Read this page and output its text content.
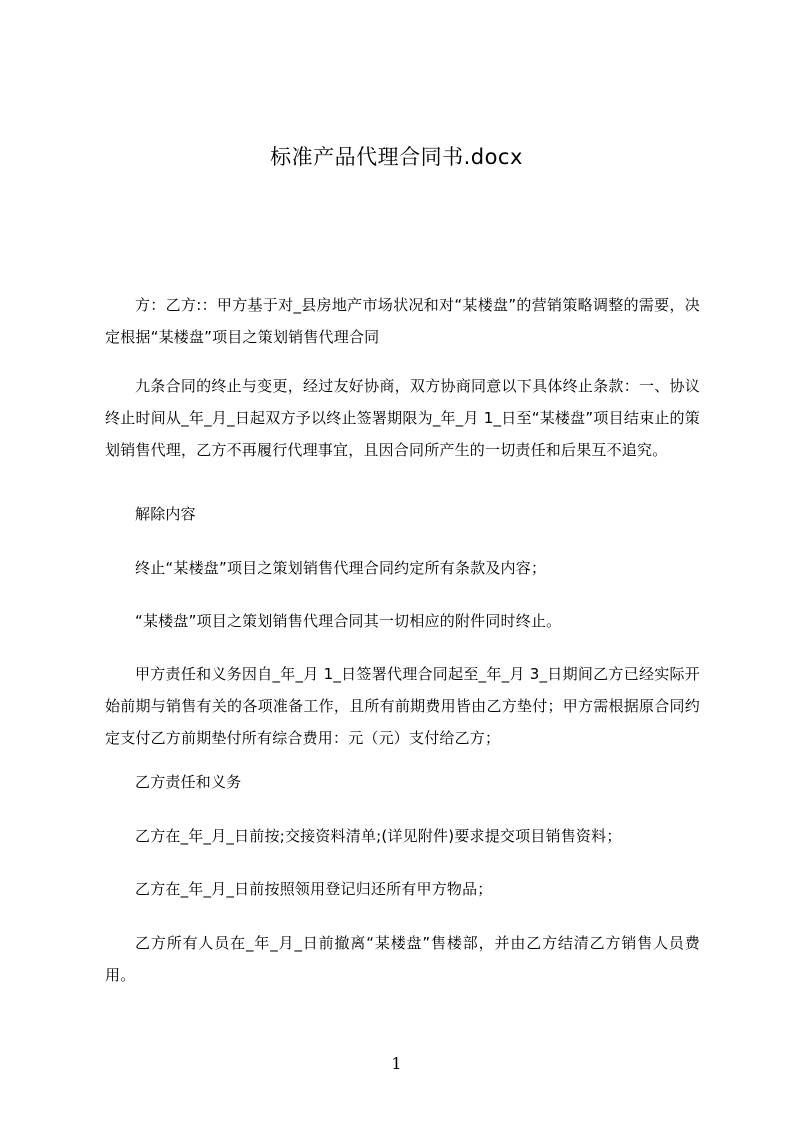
标准产品代理合同书.docx

方：乙方:：甲方基于对_县房地产市场状况和对“某楼盘”的营销策略调整的需要，决定根据“某楼盘”项目之策划销售代理合同

九条合同的终止与变更，经过友好协商，双方协商同意以下具体终止条款：一、协议终止时间从_年_月_日起双方予以终止签署期限为_年_月 1_日至“某楼盘”项目结束止的策划销售代理，乙方不再履行代理事宜，且因合同所产生的一切责任和后果互不追究。

解除内容

终止“某楼盘”项目之策划销售代理合同约定所有条款及内容；

“某楼盘”项目之策划销售代理合同其一切相应的附件同时终止。

甲方责任和义务因自_年_月 1_日签署代理合同起至_年_月 3_日期间乙方已经实际开始前期与销售有关的各项准备工作，且所有前期费用皆由乙方垫付；甲方需根据原合同约定支付乙方前期垫付所有综合费用：元（元）支付给乙方；

乙方责任和义务

乙方在_年_月_日前按;交接资料清单;(详见附件)要求提交项目销售资料；

乙方在_年_月_日前按照领用登记归还所有甲方物品；

乙方所有人员在_年_月_日前撤离“某楼盘”售楼部，并由乙方结清乙方销售人员费用。

1
